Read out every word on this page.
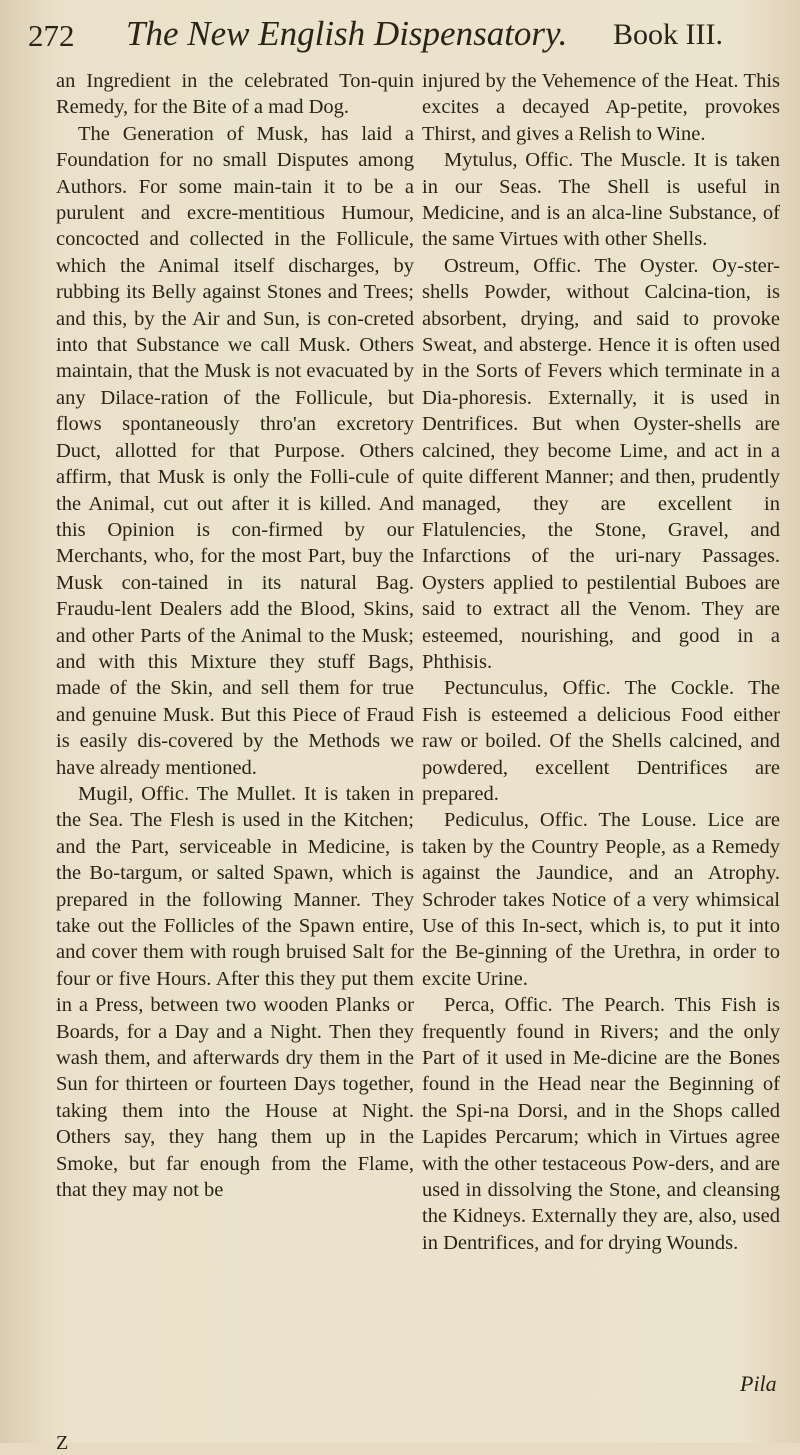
272 The New English Dispensatory. Book III.

an Ingredient in the celebrated Ton-quin Remedy, for the Bite of a mad Dog.

The Generation of Musk, has laid a Foundation for no small Disputes among Authors. For some main-tain it to be a purulent and excre-mentitious Humour, concocted and collected in the Follicule, which the Animal itself discharges, by rubbing its Belly against Stones and Trees; and this, by the Air and Sun, is con-creted into that Substance we call Musk. Others maintain, that the Musk is not evacuated by any Dilace-ration of the Follicule, but flows spontaneously thro'an excretory Duct, allotted for that Purpose. Others affirm, that Musk is only the Folli-cule of the Animal, cut out after it is killed. And this Opinion is con-firmed by our Merchants, who, for the most Part, buy the Musk con-tained in its natural Bag. Fraudu-lent Dealers add the Blood, Skins, and other Parts of the Animal to the Musk; and with this Mixture they stuff Bags, made of the Skin, and sell them for true and genuine Musk. But this Piece of Fraud is easily dis-covered by the Methods we have already mentioned.

Mugil, Offic. The Mullet. It is taken in the Sea. The Flesh is used in the Kitchen; and the Part, serviceable in Medicine, is the Bo-targum, or salted Spawn, which is prepared in the following Manner. They take out the Follicles of the Spawn entire, and cover them with rough bruised Salt for four or five Hours. After this they put them in a Press, between two wooden Planks or Boards, for a Day and a Night. Then they wash them, and afterwards dry them in the Sun for thirteen or fourteen Days together, taking them into the House at Night. Others say, they hang them up in the Smoke, but far enough from the Flame, that they may not be

injured by the Vehemence of the Heat. This excites a decayed Ap-petite, provokes Thirst, and gives a Relish to Wine.

Mytulus, Offic. The Muscle. It is taken in our Seas. The Shell is useful in Medicine, and is an alca-line Substance, of the same Virtues with other Shells.

Ostreum, Offic. The Oyster. Oy-ster-shells Powder, without Calcina-tion, is absorbent, drying, and said to provoke Sweat, and absterge. Hence it is often used in the Sorts of Fevers which terminate in a Dia-phoresis. Externally, it is used in Dentrifices. But when Oyster-shells are calcined, they become Lime, and act in a quite different Manner; and then, prudently managed, they are excellent in Flatulencies, the Stone, Gravel, and Infarctions of the uri-nary Passages. Oysters applied to pestilential Buboes are said to extract all the Venom. They are esteemed, nourishing, and good in a Phthisis.

Pectunculus, Offic. The Cockle. The Fish is esteemed a delicious Food either raw or boiled. Of the Shells calcined, and powdered, excellent Dentrifices are prepared.

Pediculus, Offic. The Louse. Lice are taken by the Country People, as a Remedy against the Jaundice, and an Atrophy. Schroder takes Notice of a very whimsical Use of this In-sect, which is, to put it into the Be-ginning of the Urethra, in order to excite Urine.

Perca, Offic. The Pearch. This Fish is frequently found in Rivers; and the only Part of it used in Me-dicine are the Bones found in the Head near the Beginning of the Spi-na Dorsi, and in the Shops called Lapides Percarum; which in Virtues agree with the other testaceous Pow-ders, and are used in dissolving the Stone, and cleansing the Kidneys. Externally they are, also, used in Dentrifices, and for drying Wounds.

Pila
Z
